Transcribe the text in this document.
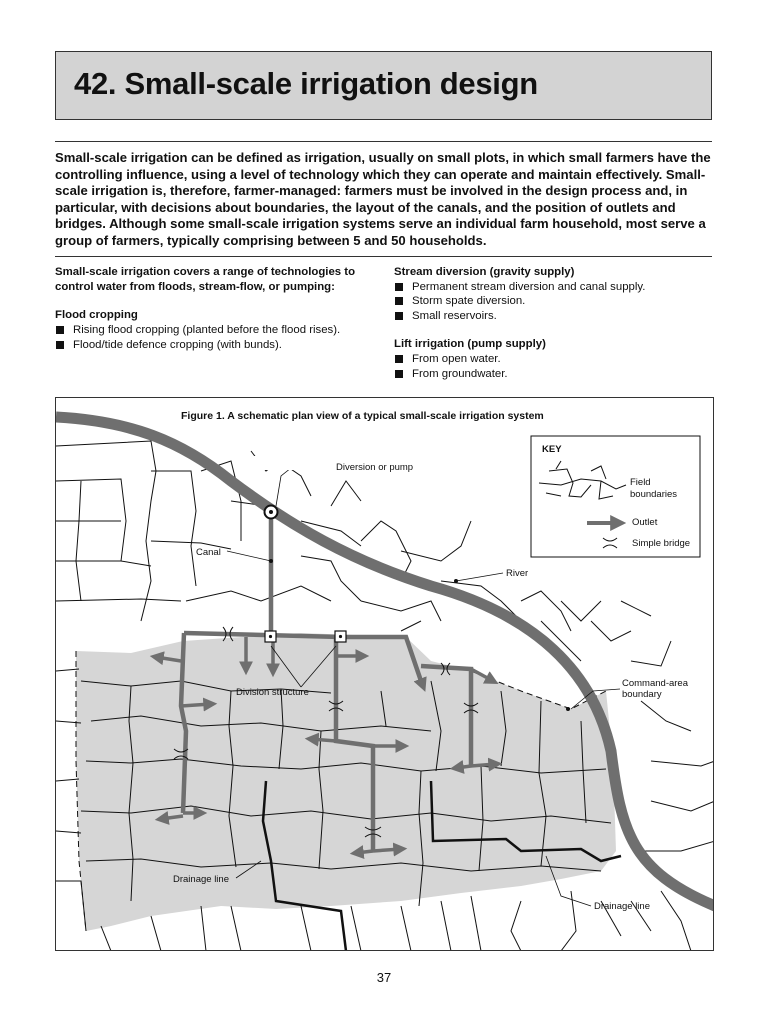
42. Small-scale irrigation design

Small-scale irrigation can be defined as irrigation, usually on small plots, in which small farmers have the controlling influence, using a level of technology which they can operate and maintain effectively. Small-scale irrigation is, therefore, farmer-managed: farmers must be involved in the design process and, in particular, with decisions about boundaries, the layout of the canals, and the position of outlets and bridges. Although some small-scale irrigation systems serve an individual farm household, most serve a group of farmers, typically comprising between 5 and 50 households.

Small-scale irrigation covers a range of technologies to control water from floods, stream-flow, or pumping:

Flood cropping
Rising flood cropping (planted before the flood rises).
Flood/tide defence cropping (with bunds).
Stream diversion (gravity supply)
Permanent stream diversion and canal supply.
Storm spate diversion.
Small reservoirs.
Lift irrigation (pump supply)
From open water.
From groundwater.
Figure 1. A schematic plan view of a typical small-scale irrigation system
Diversion or pump
Canal
River
Division structure
Command-area
boundary
Drainage line
Drainage line
KEY
Field
boundaries
Outlet
Simple bridge
37
